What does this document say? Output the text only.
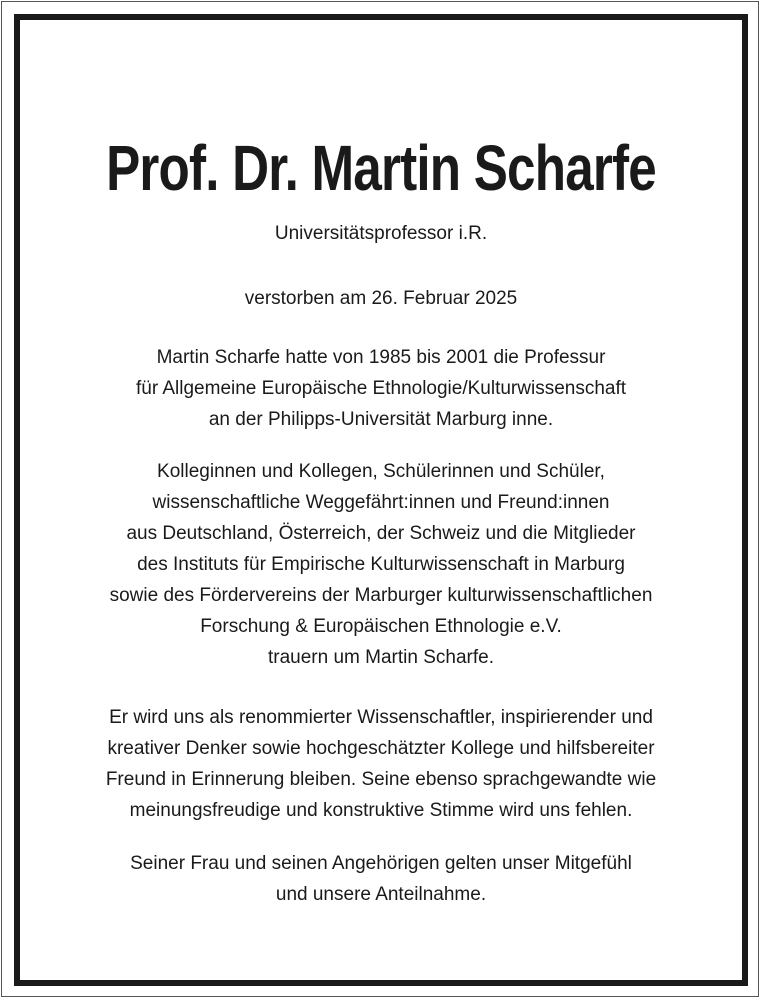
Prof. Dr. Martin Scharfe
Universitätsprofessor i.R.
verstorben am 26. Februar 2025
Martin Scharfe hatte von 1985 bis 2001 die Professur
für Allgemeine Europäische Ethnologie/Kulturwissenschaft
an der Philipps-Universität Marburg inne.
Kolleginnen und Kollegen, Schülerinnen und Schüler,
wissenschaftliche Weggefährt:innen und Freund:innen
aus Deutschland, Österreich, der Schweiz und die Mitglieder
des Instituts für Empirische Kulturwissenschaft in Marburg
sowie des Fördervereins der Marburger kulturwissenschaftlichen
Forschung & Europäischen Ethnologie e.V.
trauern um Martin Scharfe.
Er wird uns als renommierter Wissenschaftler, inspirierender und
kreativer Denker sowie hochgeschätzter Kollege und hilfsbereiter
Freund in Erinnerung bleiben. Seine ebenso sprachgewandte wie
meinungsfreudige und konstruktive Stimme wird uns fehlen.
Seiner Frau und seinen Angehörigen gelten unser Mitgefühl
und unsere Anteilnahme.
